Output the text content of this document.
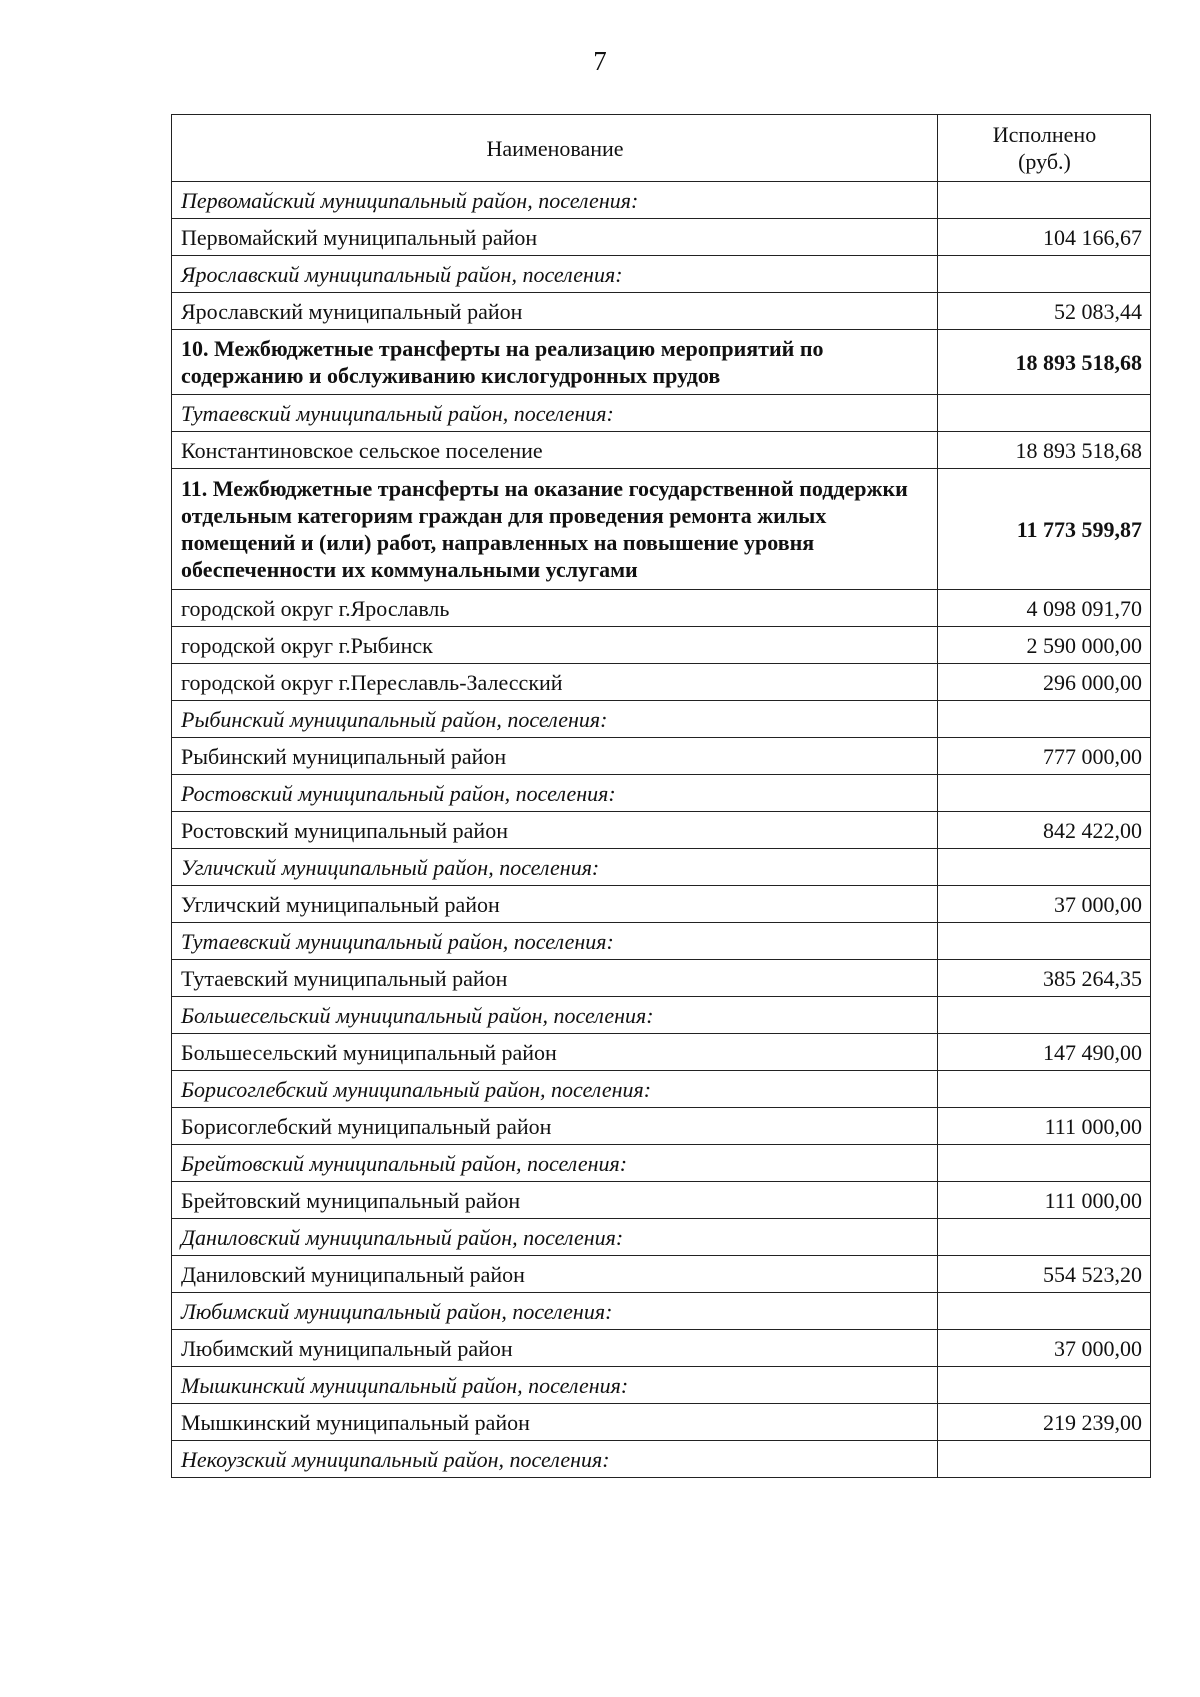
7
Наименование	Исполнено
(руб.)
Первомайский муниципальный район, поселения:	
Первомайский муниципальный район	104 166,67
Ярославский муниципальный район, поселения:	
Ярославский муниципальный район	52 083,44
10. Межбюджетные трансферты на реализацию мероприятий по содержанию и обслуживанию кислогудронных прудов	18 893 518,68
Тутаевский муниципальный район, поселения:	
Константиновское сельское поселение	18 893 518,68
11. Межбюджетные трансферты на оказание государственной поддержки отдельным категориям граждан для проведения ремонта жилых помещений и (или) работ, направленных на повышение уровня обеспеченности их коммунальными услугами	11 773 599,87
городской округ г.Ярославль	4 098 091,70
городской округ г.Рыбинск	2 590 000,00
городской округ г.Переславль-Залесский	296 000,00
Рыбинский муниципальный район, поселения:	
Рыбинский муниципальный район	777 000,00
Ростовский муниципальный район, поселения:	
Ростовский муниципальный район	842 422,00
Угличский муниципальный район, поселения:	
Угличский муниципальный район	37 000,00
Тутаевский муниципальный район, поселения:	
Тутаевский муниципальный район	385 264,35
Большесельский муниципальный район, поселения:	
Большесельский муниципальный район	147 490,00
Борисоглебский муниципальный район, поселения:	
Борисоглебский муниципальный район	111 000,00
Брейтовский муниципальный район, поселения:	
Брейтовский муниципальный район	111 000,00
Даниловский муниципальный район, поселения:	
Даниловский муниципальный район	554 523,20
Любимский муниципальный район, поселения:	
Любимский муниципальный район	37 000,00
Мышкинский муниципальный район, поселения:	
Мышкинский муниципальный район	219 239,00
Некоузский муниципальный район, поселения:	
